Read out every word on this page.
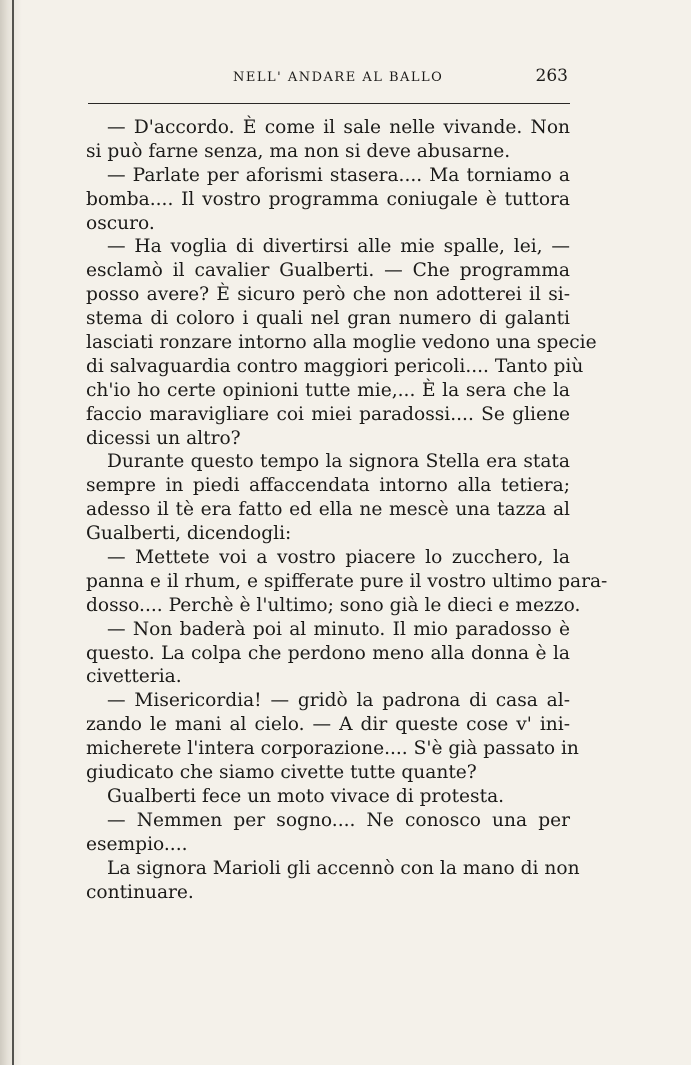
NELL' ANDARE AL BALLO	263
— D'accordo. È come il sale nelle vivande. Non
si può farne senza, ma non si deve abusarne.
— Parlate per aforismi stasera.... Ma torniamo a
bomba.... Il vostro programma coniugale è tuttora
oscuro.
— Ha voglia di divertirsi alle mie spalle, lei, —
esclamò il cavalier Gualberti. — Che programma
posso avere? È sicuro però che non adotterei il si-
stema di coloro i quali nel gran numero di galanti
lasciati ronzare intorno alla moglie vedono una specie
di salvaguardia contro maggiori pericoli.... Tanto più
ch'io ho certe opinioni tutte mie,... È la sera che la
faccio maravigliare coi miei paradossi.... Se gliene
dicessi un altro?
Durante questo tempo la signora Stella era stata
sempre in piedi affaccendata intorno alla tetiera;
adesso il tè era fatto ed ella ne mescè una tazza al
Gualberti, dicendogli:
— Mettete voi a vostro piacere lo zucchero, la
panna e il rhum, e spifferate pure il vostro ultimo para-
dosso.... Perchè è l'ultimo; sono già le dieci e mezzo.
— Non baderà poi al minuto. Il mio paradosso è
questo. La colpa che perdono meno alla donna è la
civetteria.
— Misericordia! — gridò la padrona di casa al-
zando le mani al cielo. — A dir queste cose v' ini-
micherete l'intera corporazione.... S'è già passato in
giudicato che siamo civette tutte quante?
Gualberti fece un moto vivace di protesta.
— Nemmen per sogno.... Ne conosco una per
esempio....
La signora Marioli gli accennò con la mano di non
continuare.
